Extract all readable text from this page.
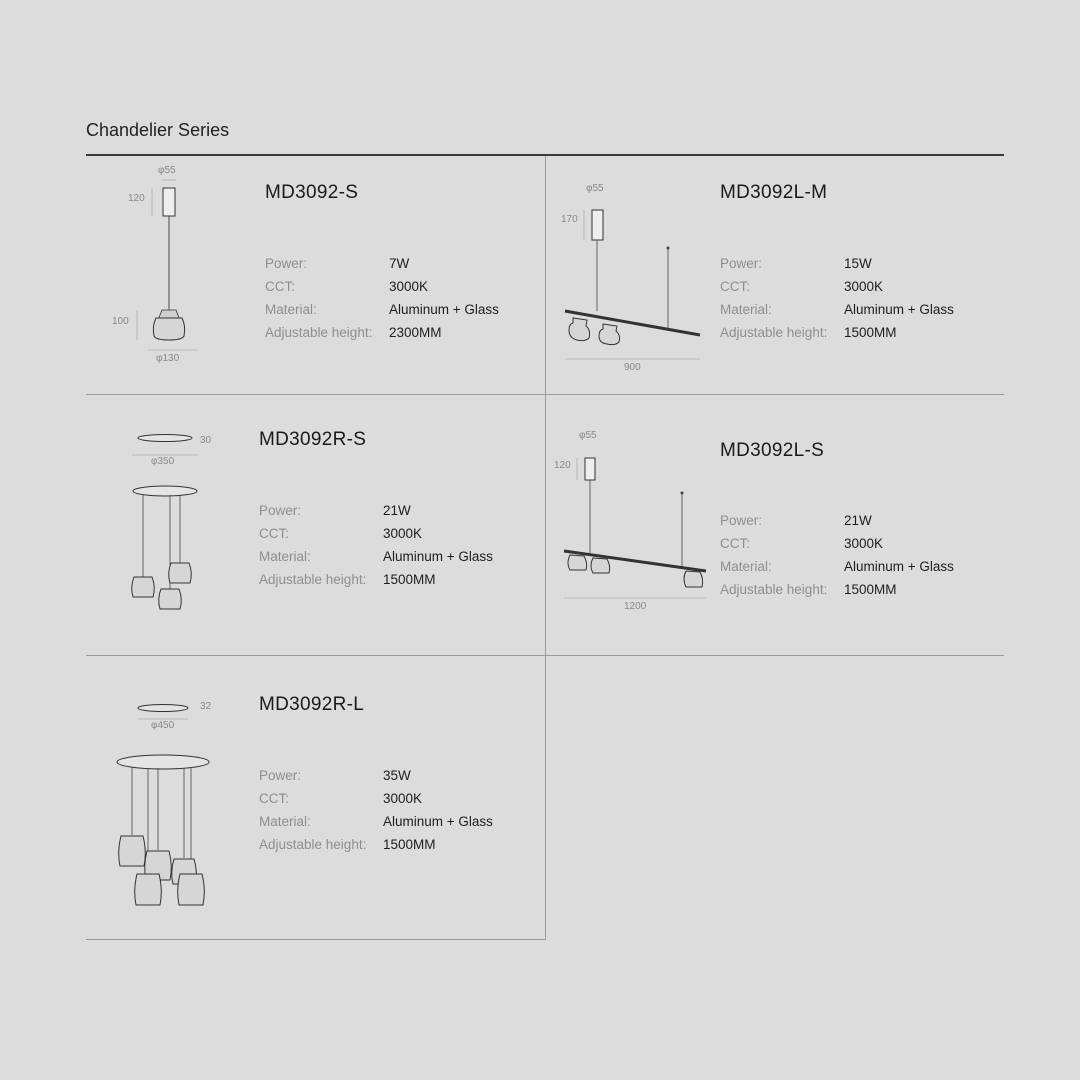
Chandelier Series
φ55
120
100
φ130
MD3092-S
Power:	7W
CCT:	3000K
Material:	Aluminum + Glass
Adjustable height:	2300MM
φ55
170
900
MD3092L-M
Power:	15W
CCT:	3000K
Material:	Aluminum + Glass
Adjustable height:	1500MM
30
φ350
MD3092R-S
Power:	21W
CCT:	3000K
Material:	Aluminum + Glass
Adjustable height:	1500MM
φ55
120
1200
MD3092L-S
Power:	21W
CCT:	3000K
Material:	Aluminum + Glass
Adjustable height:	1500MM
32
φ450
MD3092R-L
Power:	35W
CCT:	3000K
Material:	Aluminum + Glass
Adjustable height:	1500MM
